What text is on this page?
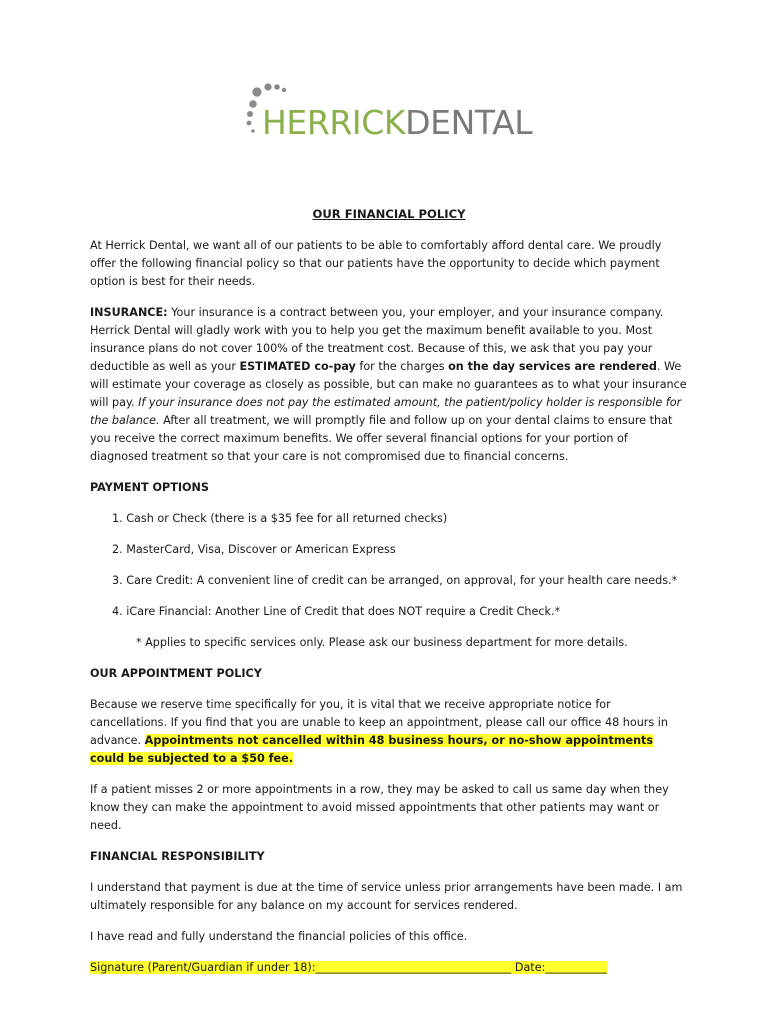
HERRICKDENTAL
OUR FINANCIAL POLICY

At Herrick Dental, we want all of our patients to be able to comfortably afford dental care. We proudly offer the following financial policy so that our patients have the opportunity to decide which payment option is best for their needs.

INSURANCE: Your insurance is a contract between you, your employer, and your insurance company. Herrick Dental will gladly work with you to help you get the maximum benefit available to you. Most insurance plans do not cover 100% of the treatment cost. Because of this, we ask that you pay your deductible as well as your ESTIMATED co-pay for the charges on the day services are rendered. We will estimate your coverage as closely as possible, but can make no guarantees as to what your insurance will pay. If your insurance does not pay the estimated amount, the patient/policy holder is responsible for the balance. After all treatment, we will promptly file and follow up on your dental claims to ensure that you receive the correct maximum benefits. We offer several financial options for your portion of diagnosed treatment so that your care is not compromised due to financial concerns.

PAYMENT OPTIONS
1. Cash or Check (there is a $35 fee for all returned checks)
2. MasterCard, Visa, Discover or American Express
3. Care Credit: A convenient line of credit can be arranged, on approval, for your health care needs.*
4. iCare Financial: Another Line of Credit that does NOT require a Credit Check.*
* Applies to specific services only. Please ask our business department for more details.
OUR APPOINTMENT POLICY

Because we reserve time specifically for you, it is vital that we receive appropriate notice for cancellations. If you find that you are unable to keep an appointment, please call our office 48 hours in advance. Appointments not cancelled within 48 business hours, or no-show appointments could be subjected to a $50 fee.

If a patient misses 2 or more appointments in a row, they may be asked to call us same day when they know they can make the appointment to avoid missed appointments that other patients may want or need.

FINANCIAL RESPONSIBILITY

I understand that payment is due at the time of service unless prior arrangements have been made. I am ultimately responsible for any balance on my account for services rendered.

I have read and fully understand the financial policies of this office.

Signature (Parent/Guardian if under 18):___________________________________ Date:___________
